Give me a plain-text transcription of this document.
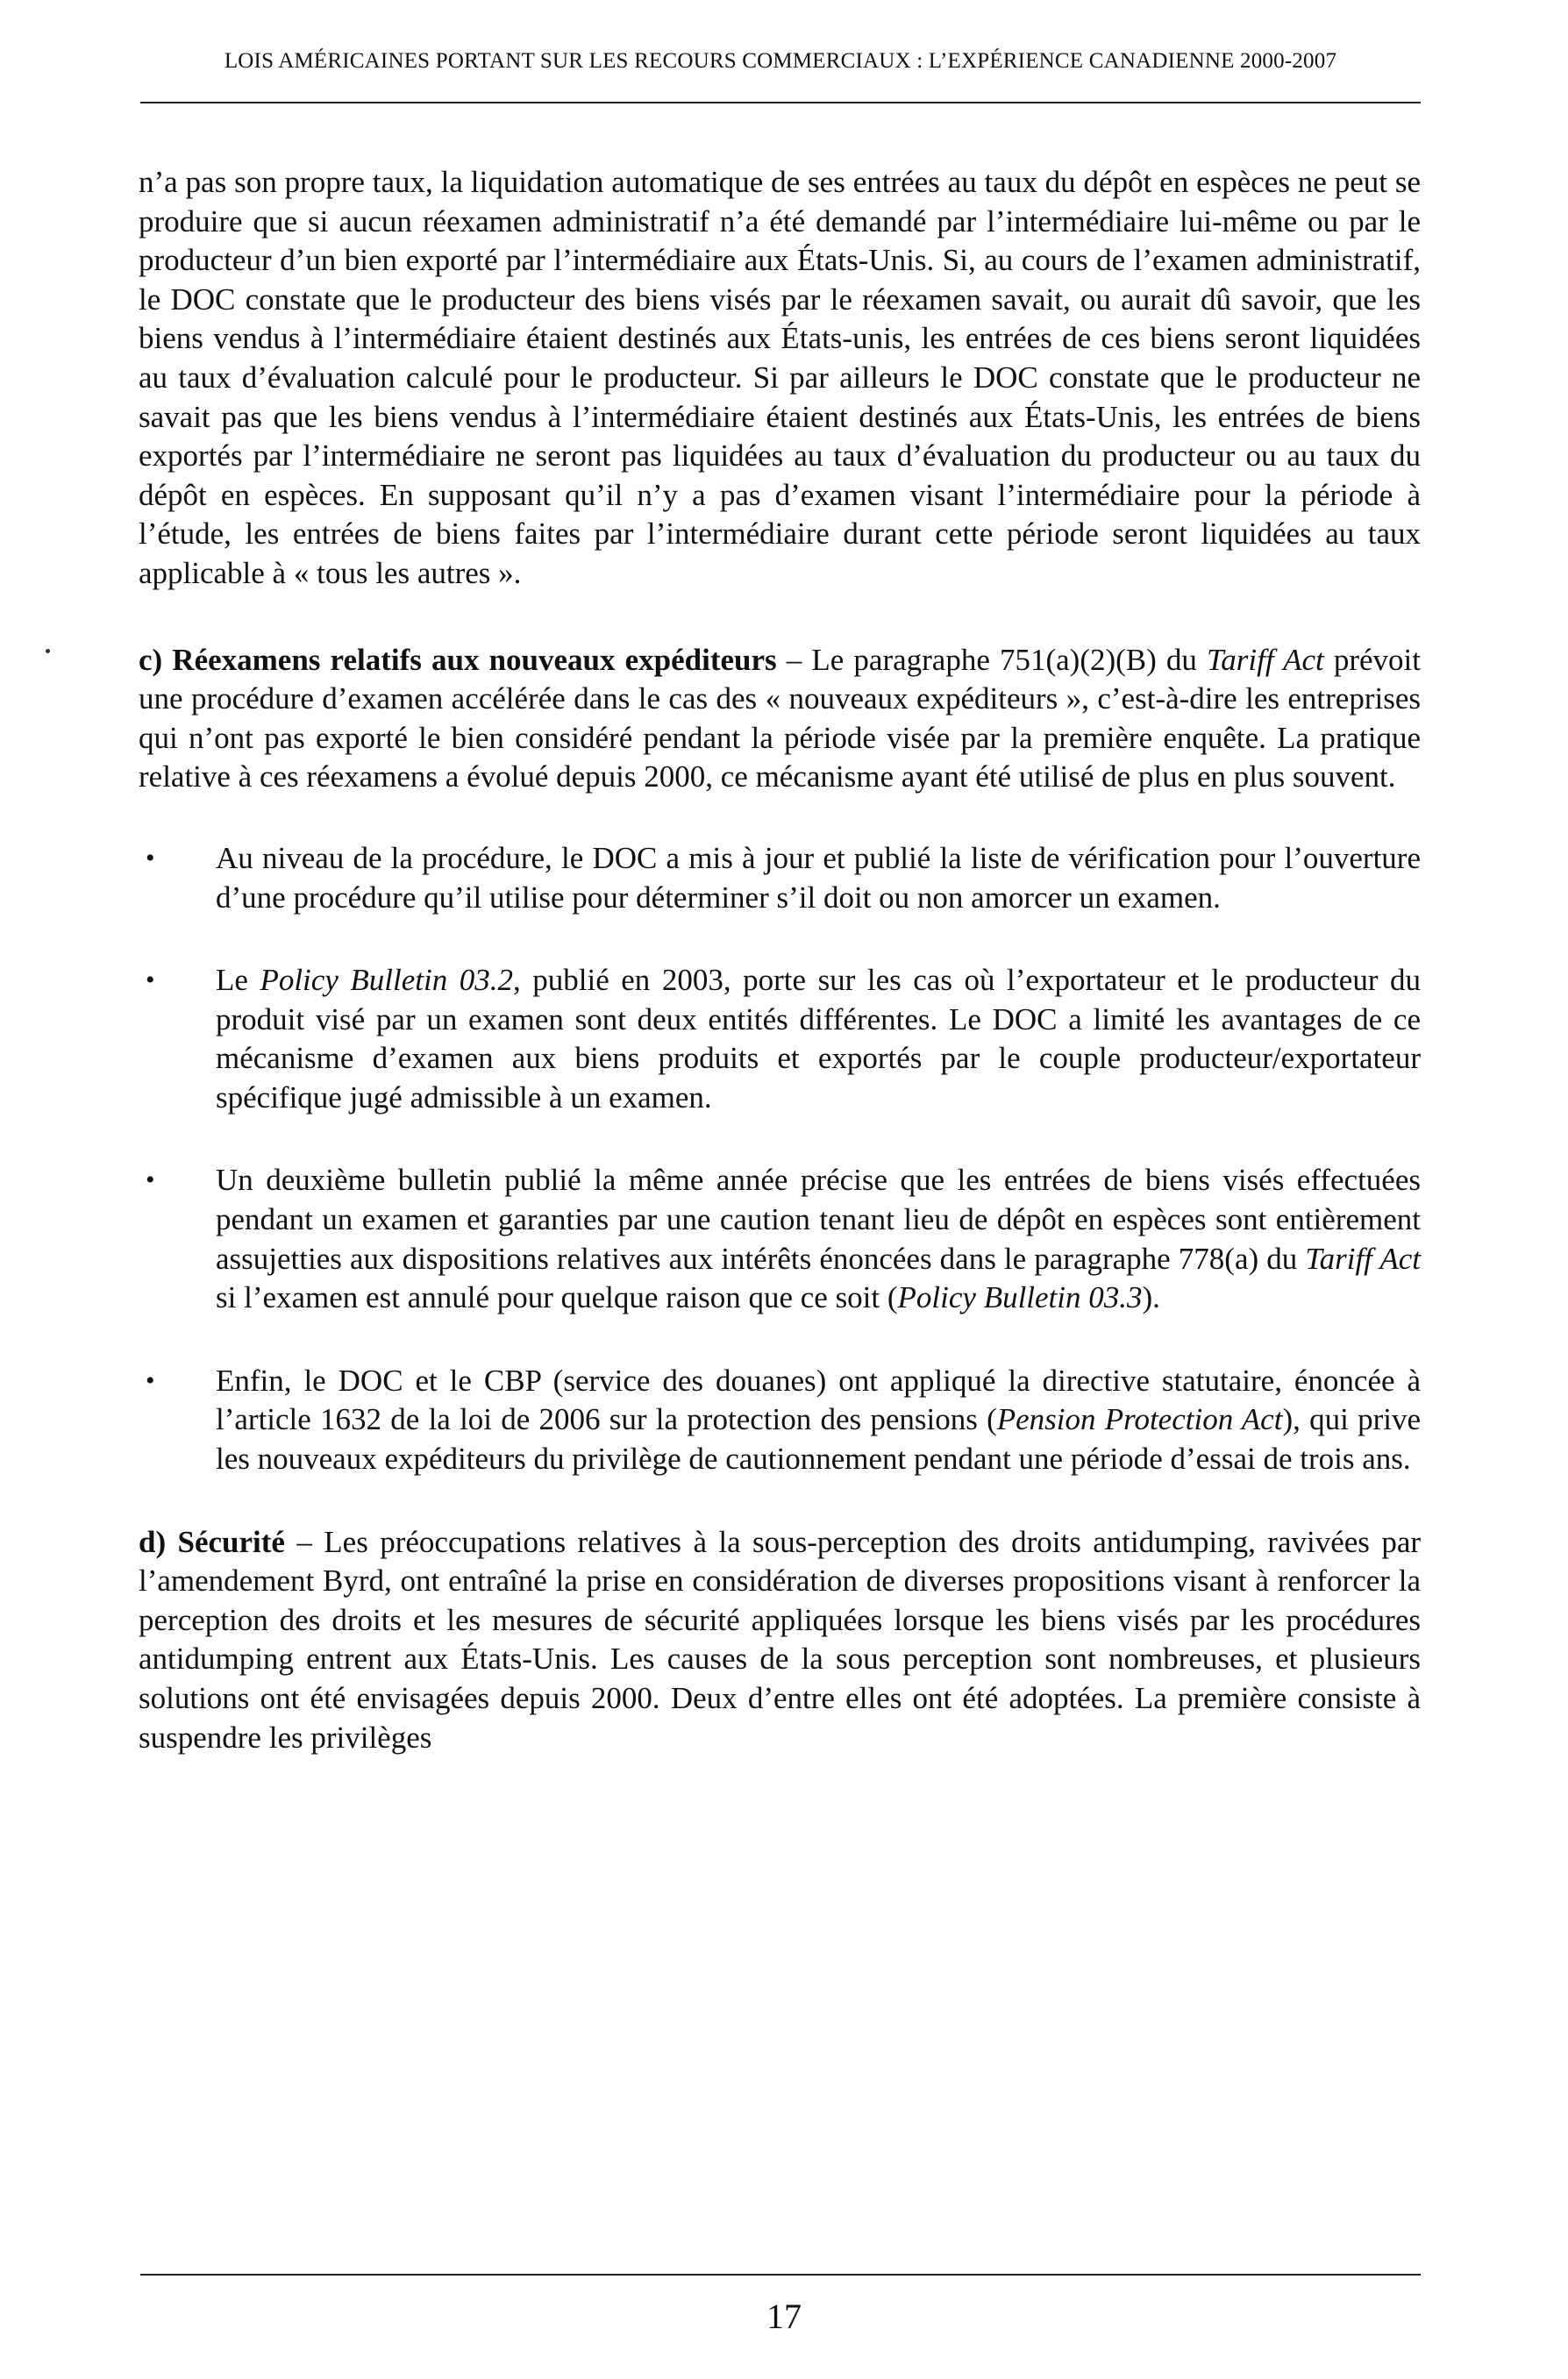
LOIS AMÉRICAINES PORTANT SUR LES RECOURS COMMERCIAUX : L’EXPÉRIENCE CANADIENNE 2000-2007

n’a pas son propre taux, la liquidation automatique de ses entrées au taux du dépôt en espèces ne peut se produire que si aucun réexamen administratif n’a été demandé par l’intermédiaire lui-même ou par le producteur d’un bien exporté par l’intermédiaire aux États-Unis. Si, au cours de l’examen administratif, le DOC constate que le producteur des biens visés par le réexamen savait, ou aurait dû savoir, que les biens vendus à l’intermédiaire étaient destinés aux États-unis, les entrées de ces biens seront liquidées au taux d’évaluation calculé pour le producteur. Si par ailleurs le DOC constate que le producteur ne savait pas que les biens vendus à l’intermédiaire étaient destinés aux États-Unis, les entrées de biens exportés par l’intermédiaire ne seront pas liquidées au taux d’évaluation du producteur ou au taux du dépôt en espèces. En supposant qu’il n’y a pas d’examen visant l’intermédiaire pour la période à l’étude, les entrées de biens faites par l’intermédiaire durant cette période seront liquidées au taux applicable à « tous les autres ».

c) Réexamens relatifs aux nouveaux expéditeurs – Le paragraphe 751(a)(2)(B) du Tariff Act prévoit une procédure d’examen accélérée dans le cas des « nouveaux expéditeurs », c’est-à-dire les entreprises qui n’ont pas exporté le bien considéré pendant la période visée par la première enquête. La pratique relative à ces réexamens a évolué depuis 2000, ce mécanisme ayant été utilisé de plus en plus souvent.

• Au niveau de la procédure, le DOC a mis à jour et publié la liste de vérification pour l’ouverture d’une procédure qu’il utilise pour déterminer s’il doit ou non amorcer un examen.
• Le Policy Bulletin 03.2, publié en 2003, porte sur les cas où l’exportateur et le producteur du produit visé par un examen sont deux entités différentes. Le DOC a limité les avantages de ce mécanisme d’examen aux biens produits et exportés par le couple producteur/exportateur spécifique jugé admissible à un examen.
• Un deuxième bulletin publié la même année précise que les entrées de biens visés effectuées pendant un examen et garanties par une caution tenant lieu de dépôt en espèces sont entièrement assujetties aux dispositions relatives aux intérêts énoncées dans le paragraphe 778(a) du Tariff Act si l’examen est annulé pour quelque raison que ce soit (Policy Bulletin 03.3).
• Enfin, le DOC et le CBP (service des douanes) ont appliqué la directive statutaire, énoncée à l’article 1632 de la loi de 2006 sur la protection des pensions (Pension Protection Act), qui prive les nouveaux expéditeurs du privilège de cautionnement pendant une période d’essai de trois ans.

d) Sécurité – Les préoccupations relatives à la sous-perception des droits antidumping, ravivées par l’amendement Byrd, ont entraîné la prise en considération de diverses propositions visant à renforcer la perception des droits et les mesures de sécurité appliquées lorsque les biens visés par les procédures antidumping entrent aux États-Unis. Les causes de la sous perception sont nombreuses, et plusieurs solutions ont été envisagées depuis 2000. Deux d’entre elles ont été adoptées. La première consiste à suspendre les privilèges

17
